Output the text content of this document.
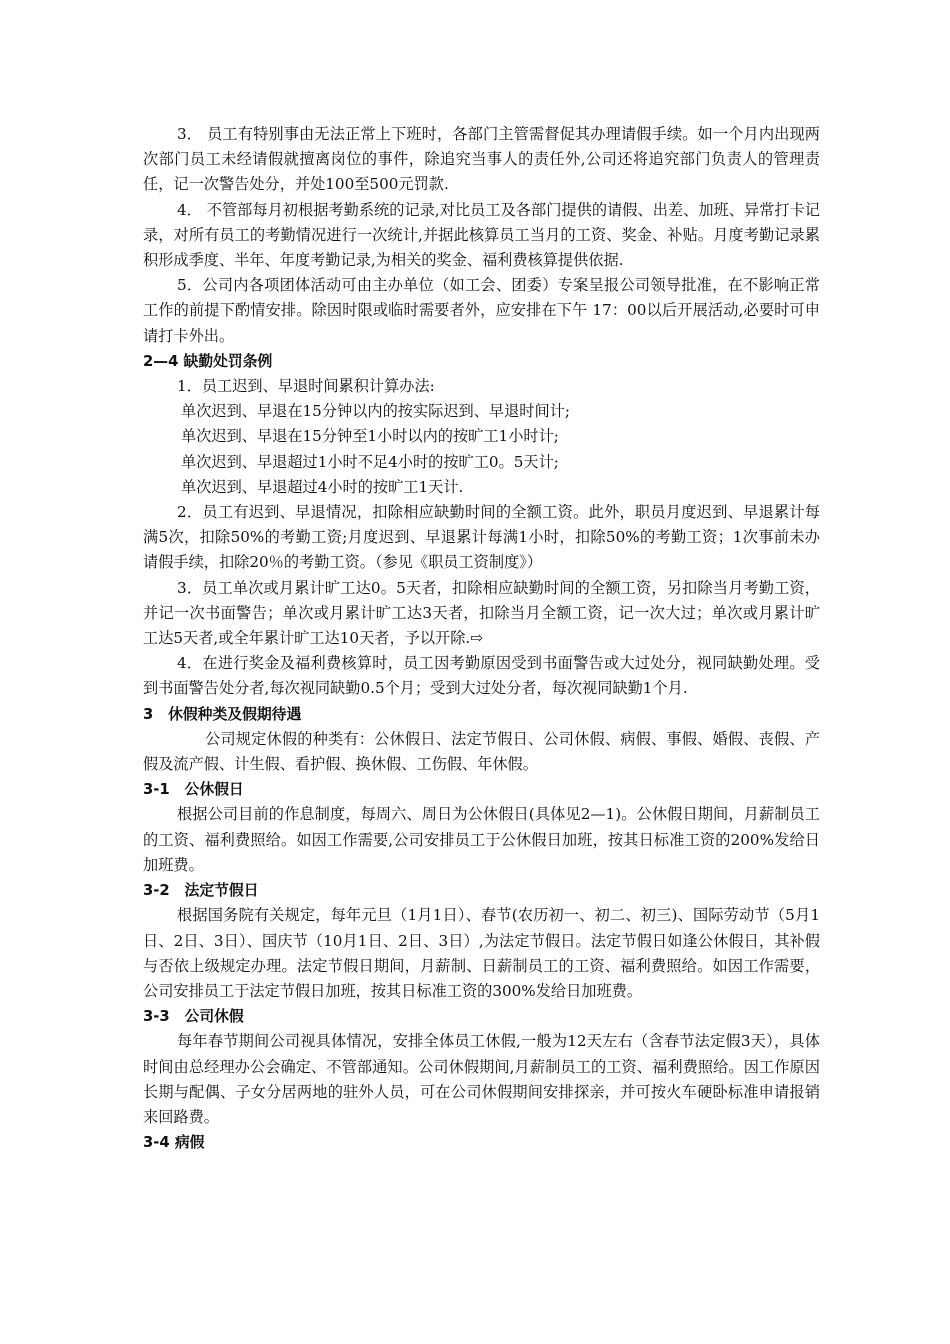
3． 员工有特别事由无法正常上下班时，各部门主管需督促其办理请假手续。如一个月内出现两次部门员工未经请假就擅离岗位的事件，除追究当事人的责任外,公司还将追究部门负责人的管理责任，记一次警告处分，并处100至500元罚款.

4． 不管部每月初根据考勤系统的记录,对比员工及各部门提供的请假、出差、加班、异常打卡记录，对所有员工的考勤情况进行一次统计,并据此核算员工当月的工资、奖金、补贴。月度考勤记录累积形成季度、半年、年度考勤记录,为相关的奖金、福利费核算提供依据.

5．公司内各项团体活动可由主办单位（如工会、团委）专案呈报公司领导批准，在不影响正常工作的前提下酌情安排。除因时限或临时需要者外，应安排在下午 17：00以后开展活动,必要时可申请打卡外出。

2—4 缺勤处罚条例

1．员工迟到、早退时间累积计算办法:

单次迟到、早退在15分钟以内的按实际迟到、早退时间计;

单次迟到、早退在15分钟至1小时以内的按旷工1小时计;

单次迟到、早退超过1小时不足4小时的按旷工0。5天计;

单次迟到、早退超过4小时的按旷工1天计.

2．员工有迟到、早退情况，扣除相应缺勤时间的全额工资。此外，职员月度迟到、早退累计每满5次，扣除50%的考勤工资;月度迟到、早退累计每满1小时，扣除50%的考勤工资；1次事前未办请假手续，扣除20％的考勤工资。（参见《职员工资制度》）

3．员工单次或月累计旷工达0。5天者，扣除相应缺勤时间的全额工资，另扣除当月考勤工资，并记一次书面警告；单次或月累计旷工达3天者，扣除当月全额工资，记一次大过；单次或月累计旷工达5天者,或全年累计旷工达10天者，予以开除.⇨

4．在进行奖金及福利费核算时，员工因考勤原因受到书面警告或大过处分，视同缺勤处理。受到书面警告处分者,每次视同缺勤0.5个月；受到大过处分者，每次视同缺勤1个月.

3　休假种类及假期待遇

公司规定休假的种类有：公休假日、法定节假日、公司休假、病假、事假、婚假、丧假、产假及流产假、计生假、看护假、换休假、工伤假、年休假。

3-1　公休假日

根据公司目前的作息制度，每周六、周日为公休假日(具体见2—1)。公休假日期间，月薪制员工的工资、福利费照给。如因工作需要,公司安排员工于公休假日加班，按其日标准工资的200%发给日加班费。

3-2　法定节假日

根据国务院有关规定，每年元旦（1月1日）、春节(农历初一、初二、初三)、国际劳动节（5月1日、2日、3日）、国庆节（10月1日、2日、3日）,为法定节假日。法定节假日如逢公休假日，其补假与否依上级规定办理。法定节假日期间，月薪制、日薪制员工的工资、福利费照给。如因工作需要，公司安排员工于法定节假日加班，按其日标准工资的300%发给日加班费。

3-3　公司休假

每年春节期间公司视具体情况，安排全体员工休假,一般为12天左右（含春节法定假3天），具体时间由总经理办公会确定、不管部通知。公司休假期间,月薪制员工的工资、福利费照给。因工作原因长期与配偶、子女分居两地的驻外人员，可在公司休假期间安排探亲，并可按火车硬卧标准申请报销来回路费。

3-4 病假
